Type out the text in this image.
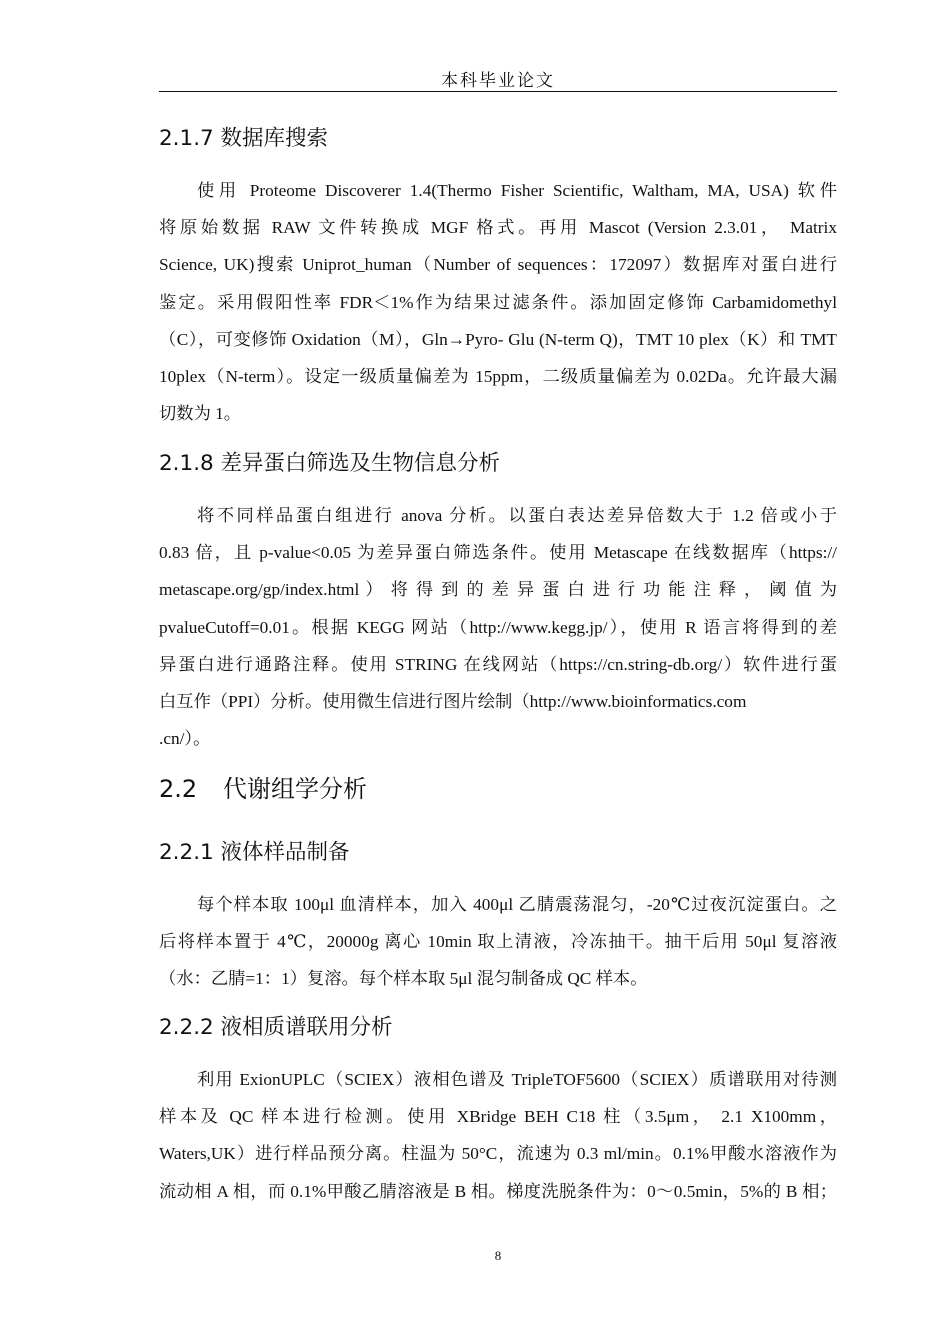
本科毕业论文
2.1.7 数据库搜索
使用 Proteome Discoverer 1.4(Thermo Fisher Scientific, Waltham, MA, USA) 软件
将原始数据 RAW 文件转换成 MGF 格式。再用 Mascot (Version 2.3.01， Matrix
Science, UK)搜索 Uniprot_human（Number of sequences：172097）数据库对蛋白进行
鉴定。采用假阳性率 FDR＜1%作为结果过滤条件。添加固定修饰 Carbamidomethyl
（C），可变修饰 Oxidation（M），Gln→Pyro- Glu (N-term Q)，TMT 10 plex（K）和 TMT
10plex（N-term）。设定一级质量偏差为 15ppm，二级质量偏差为 0.02Da。允许最大漏
切数为 1。
2.1.8 差异蛋白筛选及生物信息分析
将不同样品蛋白组进行 anova 分析。以蛋白表达差异倍数大于 1.2 倍或小于
0.83 倍，且 p-value<0.05 为差异蛋白筛选条件。使用 Metascape 在线数据库（https://
metascape.org/gp/index.html ） 将 得 到 的 差 异 蛋 白 进 行 功 能 注 释 ， 阈 值 为
pvalueCutoff=0.01。根据 KEGG 网站（http://www.kegg.jp/），使用 R 语言将得到的差
异蛋白进行通路注释。使用 STRING 在线网站（https://cn.string-db.org/）软件进行蛋
白互作（PPI）分析。使用微生信进行图片绘制（http://www.bioinformatics.com
.cn/）。
2.2 代谢组学分析
2.2.1 液体样品制备
每个样本取 100μl 血清样本，加入 400μl 乙腈震荡混匀，-20℃过夜沉淀蛋白。之
后将样本置于 4℃，20000g 离心 10min 取上清液，冷冻抽干。抽干后用 50μl 复溶液
（水：乙腈=1：1）复溶。每个样本取 5μl 混匀制备成 QC 样本。
2.2.2 液相质谱联用分析
利用 ExionUPLC（SCIEX）液相色谱及 TripleTOF5600（SCIEX）质谱联用对待测
样本及 QC 样本进行检测。使用 XBridge BEH C18 柱（3.5μm， 2.1 X100mm，
Waters,UK）进行样品预分离。柱温为 50°C，流速为 0.3 ml/min。0.1%甲酸水溶液作为
流动相 A 相，而 0.1%甲酸乙腈溶液是 B 相。梯度洗脱条件为：0～0.5min，5%的 B 相；
8
